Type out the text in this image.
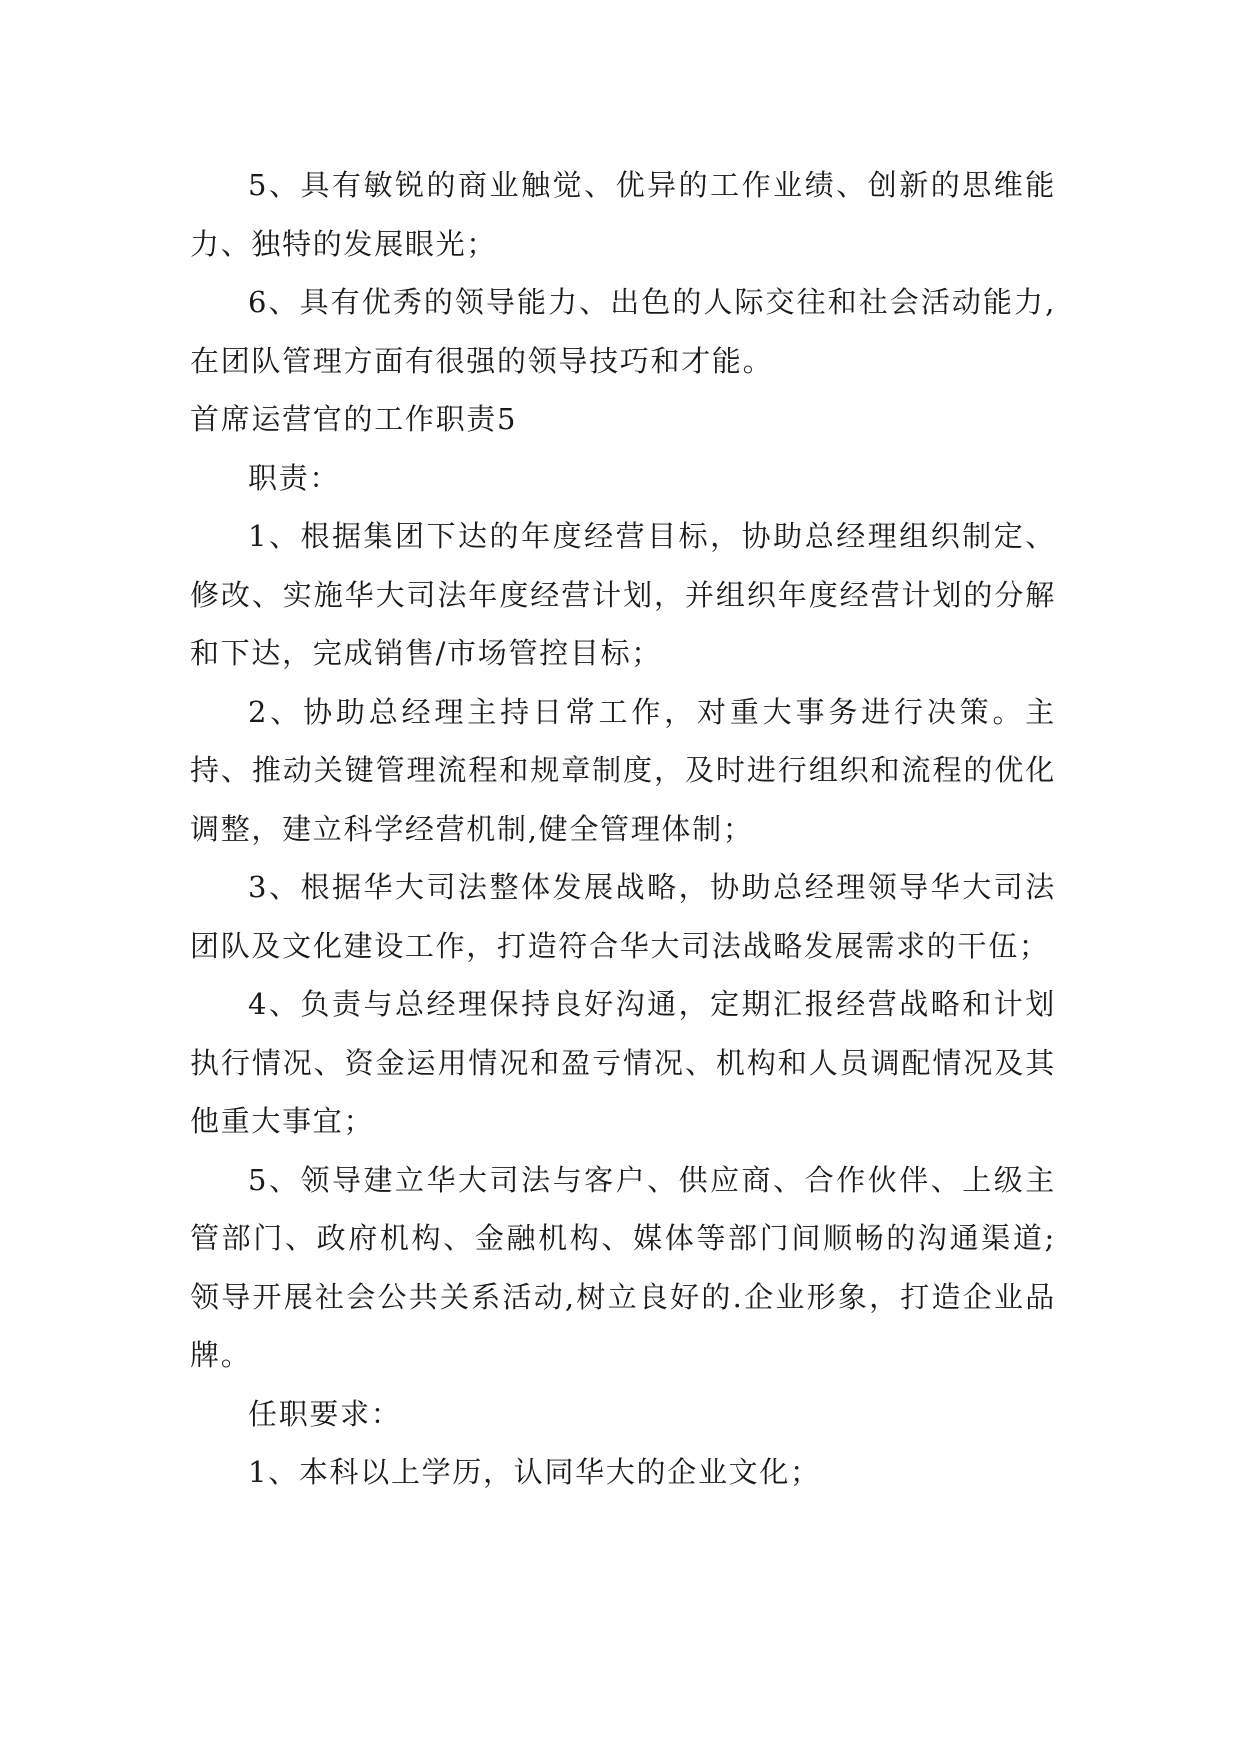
5、具有敏锐的商业触觉、优异的工作业绩、创新的思维能力、独特的发展眼光；

6、具有优秀的领导能力、出色的人际交往和社会活动能力,在团队管理方面有很强的领导技巧和才能。

首席运营官的工作职责5

职责：

1、根据集团下达的年度经营目标，协助总经理组织制定、修改、实施华大司法年度经营计划，并组织年度经营计划的分解和下达，完成销售/市场管控目标；

2、协助总经理主持日常工作，对重大事务进行决策。主持、推动关键管理流程和规章制度，及时进行组织和流程的优化调整，建立科学经营机制,健全管理体制；

3、根据华大司法整体发展战略，协助总经理领导华大司法团队及文化建设工作，打造符合华大司法战略发展需求的干伍；

4、负责与总经理保持良好沟通，定期汇报经营战略和计划执行情况、资金运用情况和盈亏情况、机构和人员调配情况及其他重大事宜；

5、领导建立华大司法与客户、供应商、合作伙伴、上级主管部门、政府机构、金融机构、媒体等部门间顺畅的沟通渠道;领导开展社会公共关系活动,树立良好的.企业形象，打造企业品牌。

任职要求：

1、本科以上学历，认同华大的企业文化；
